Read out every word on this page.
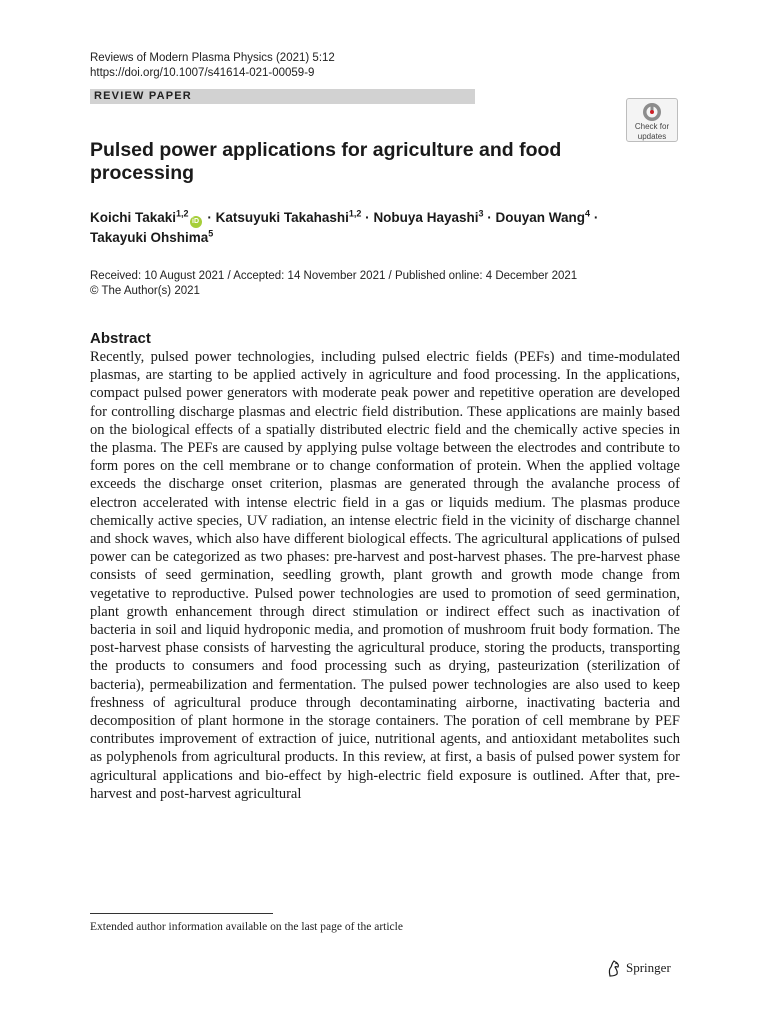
Reviews of Modern Plasma Physics (2021) 5:12
https://doi.org/10.1007/s41614-021-00059-9
REVIEW PAPER
Check for
updates
Pulsed power applications for agriculture and food processing
Koichi Takaki$^{1,2}$iD · Katsuyuki Takahashi$^{1,2}$ · Nobuya Hayashi$^3$ · Douyan Wang$^4$ ·
Takayuki Ohshima$^5$
Received: 10 August 2021 / Accepted: 14 November 2021 / Published online: 4 December 2021
© The Author(s) 2021
Abstract

Recently, pulsed power technologies, including pulsed electric fields (PEFs) and time-modulated plasmas, are starting to be applied actively in agriculture and food processing. In the applications, compact pulsed power generators with moderate peak power and repetitive operation are developed for controlling discharge plasmas and electric field distribution. These applications are mainly based on the biological effects of a spatially distributed electric field and the chemically active species in the plasma. The PEFs are caused by applying pulse voltage between the electrodes and contribute to form pores on the cell membrane or to change conformation of protein. When the applied voltage exceeds the discharge onset criterion, plasmas are generated through the avalanche process of electron accelerated with intense electric field in a gas or liquids medium. The plasmas produce chemically active species, UV radiation, an intense electric field in the vicinity of discharge channel and shock waves, which also have different biological effects. The agricultural applications of pulsed power can be categorized as two phases: pre-harvest and post-harvest phases. The pre-harvest phase consists of seed germination, seedling growth, plant growth and growth mode change from vegetative to reproductive. Pulsed power technologies are used to promotion of seed germination, plant growth enhancement through direct stimulation or indirect effect such as inactivation of bacteria in soil and liquid hydroponic media, and promotion of mushroom fruit body formation. The post-harvest phase consists of harvesting the agricultural produce, storing the products, transporting the products to consumers and food processing such as drying, pasteurization (sterilization of bacteria), permeabilization and fermentation. The pulsed power technologies are also used to keep freshness of agricultural produce through decontaminating airborne, inactivating bacteria and decomposition of plant hormone in the storage containers. The poration of cell membrane by PEF contributes improvement of extraction of juice, nutritional agents, and antioxidant metabolites such as polyphenols from agricultural products. In this review, at first, a basis of pulsed power system for agricultural applications and bio-effect by high-electric field exposure is outlined. After that, pre-harvest and post-harvest agricultural

Extended author information available on the last page of the article
Springer
